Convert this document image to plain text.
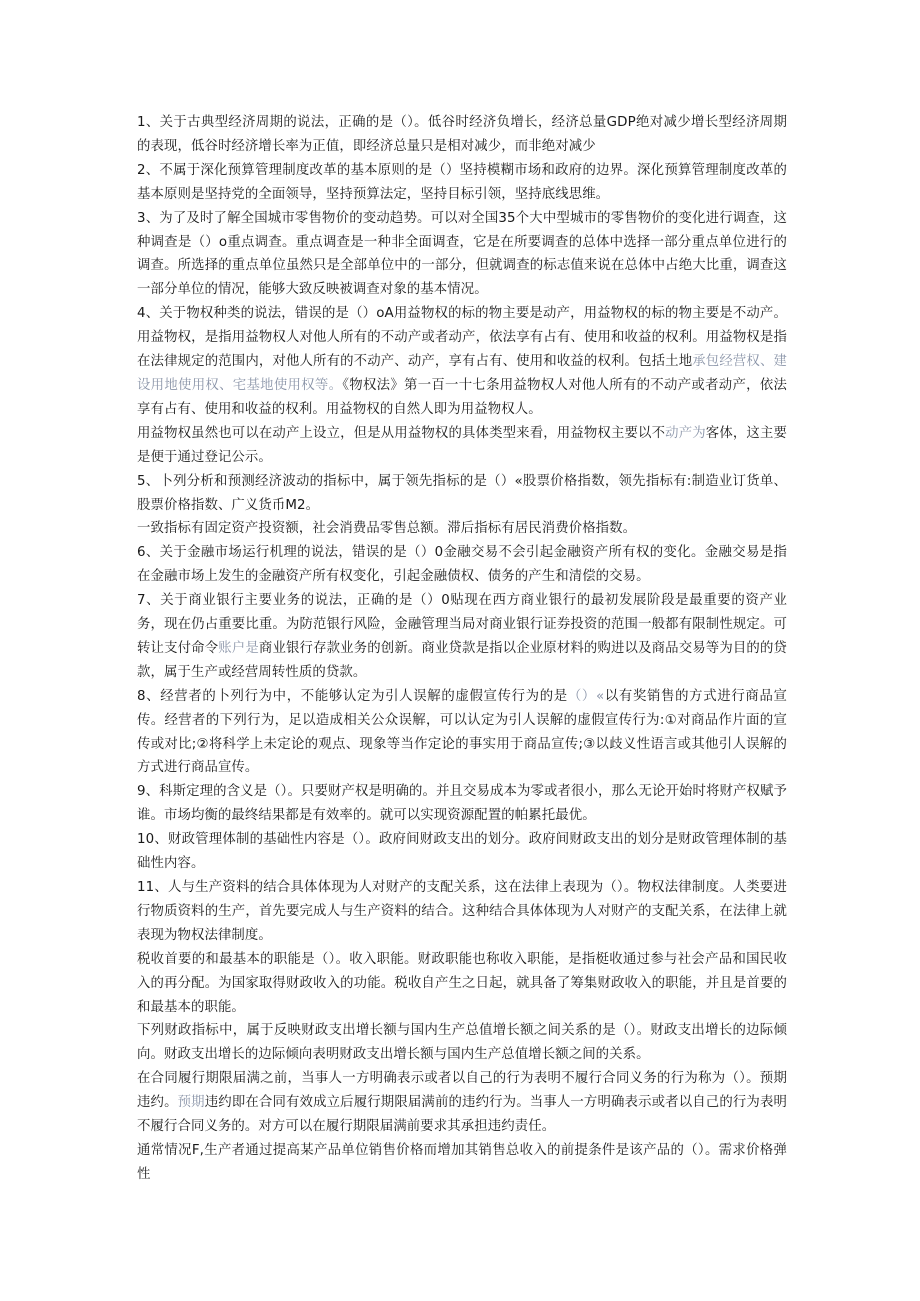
1、关于古典型经济周期的说法，正确的是（）。低谷时经济负增长，经济总量GDP绝对减少增长型经济周期的表现，低谷时经济增长率为正值，即经济总量只是相对减少，而非绝对减少

2、不属于深化预算管理制度改革的基本原则的是（）坚持模糊市场和政府的边界。深化预算管理制度改革的基本原则是坚持党的全面领导，坚持预算法定，坚持目标引领，坚持底线思维。

3、为了及时了解全国城市零售物价的变动趋势。可以对全国35个大中型城市的零售物价的变化进行调查，这种调查是（）o重点调查。重点调查是一种非全面调查，它是在所要调查的总体中选择一部分重点单位进行的调查。所选择的重点单位虽然只是全部单位中的一部分，但就调查的标志值来说在总体中占绝大比重，调查这一部分单位的情况，能够大致反映被调查对象的基本情况。

4、关于物权种类的说法，错误的是（）oA用益物权的标的物主要是动产，用益物权的标的物主要是不动产。用益物权，是指用益物权人对他人所有的不动产或者动产，依法享有占有、使用和收益的权利。用益物权是指在法律规定的范围内，对他人所有的不动产、动产，享有占有、使用和收益的权利。包括土地承包经营权、建设用地使用权、宅基地使用权等。《物权法》第一百一十七条用益物权人对他人所有的不动产或者动产，依法享有占有、使用和收益的权利。用益物权的自然人即为用益物权人。

用益物权虽然也可以在动产上设立，但是从用益物权的具体类型来看，用益物权主要以不动产为客体，这主要是便于通过登记公示。

5、卜列分析和预测经济波动的指标中，属于领先指标的是（）«股票价格指数，领先指标有:制造业订货单、股票价格指数、广义货币M2。

一致指标有固定资产投资额，社会消费品零售总额。滞后指标有居民消费价格指数。

6、关于金融市场运行机理的说法，错误的是（）0金融交易不会引起金融资产所有权的变化。金融交易是指在金融市场上发生的金融资产所有权变化，引起金融债权、债务的产生和清偿的交易。

7、关于商业银行主要业务的说法，正确的是（）0贴现在西方商业银行的最初发展阶段是最重要的资产业务，现在仍占重要比重。为防范银行风险，金融管理当局对商业银行证券投资的范围一般都有限制性规定。可转让支付命令账户是商业银行存款业务的创新。商业贷款是指以企业原材料的购进以及商品交易等为目的的贷款，属于生产或经营周转性质的贷款。

8、经营者的卜列行为中，不能够认定为引人误解的虚假宣传行为的是（）«以有奖销售的方式进行商品宣传。经营者的下列行为，足以造成相关公众误解，可以认定为引人误解的虚假宣传行为:①对商品作片面的宣传或对比;②将科学上未定论的观点、现象等当作定论的事实用于商品宣传;③以歧义性语言或其他引人误解的方式进行商品宣传。

9、科斯定理的含义是（）。只要财产权是明确的。并且交易成本为零或者很小，那么无论开始时将财产权赋予谁。市场均衡的最终结果都是有效率的。就可以实现资源配置的帕累托最优。

10、财政管理体制的基础性内容是（）。政府间财政支出的划分。政府间财政支出的划分是财政管理体制的基础性内容。

11、人与生产资料的结合具体体现为人对财产的支配关系，这在法律上表现为（）。物权法律制度。人类要进行物质资料的生产，首先要完成人与生产资料的结合。这种结合具体体现为人对财产的支配关系，在法律上就表现为物权法律制度。

税收首要的和最基本的职能是（）。收入职能。财政职能也称收入职能，是指梃收通过参与社会产品和国民收入的再分配。为国家取得财政收入的功能。税收自产生之日起，就具备了筹集财政收入的职能，并且是首要的和最基本的职能。

下列财政指标中，属于反映财政支出增长额与国内生产总值增长额之间关系的是（）。财政支出增长的边际倾向。财政支出增长的边际倾向表明财政支出增长额与国内生产总值增长额之间的关系。

在合同履行期限届满之前，当事人一方明确表示或者以自己的行为表明不履行合同义务的行为称为（）。预期违约。预期违约即在合同有效成立后履行期限届满前的违约行为。当事人一方明确表示或者以自己的行为表明不履行合同义务的。对方可以在履行期限届满前要求其承担违约责任。

通常情况F,生产者通过提高某产品单位销售价格而增加其销售总收入的前提条件是该产品的（）。需求价格弹性
